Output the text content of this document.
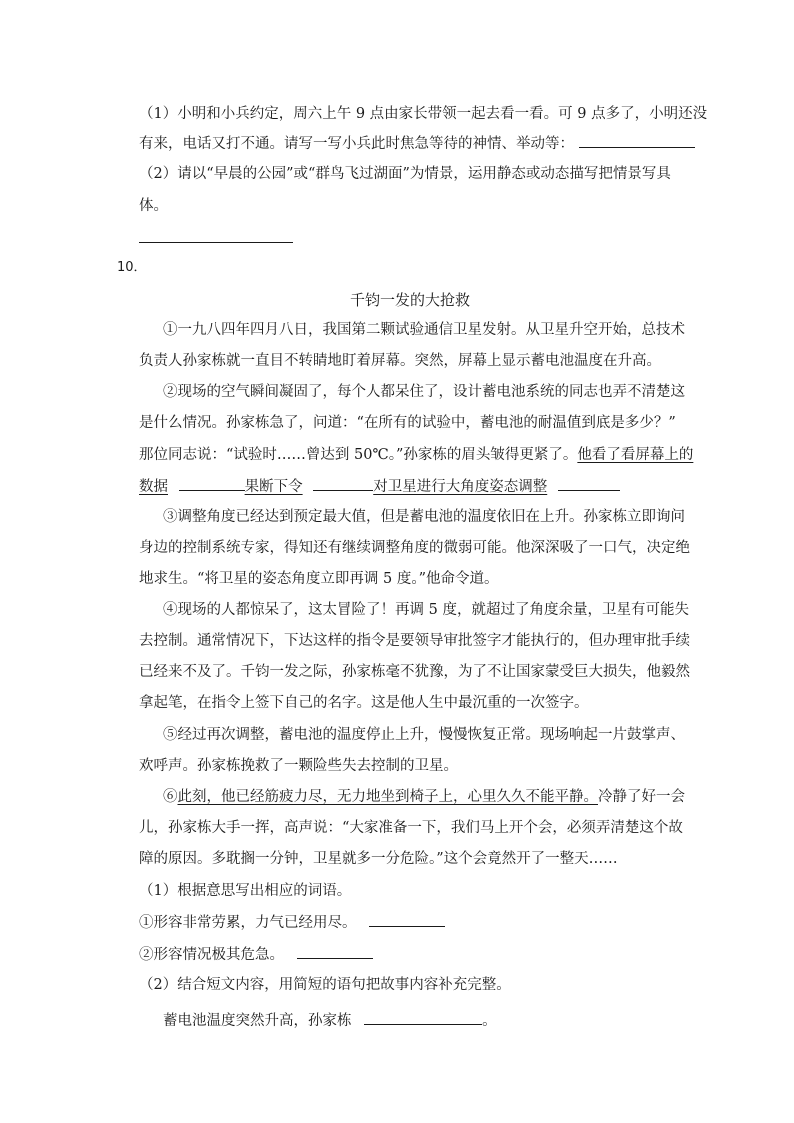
（1）小明和小兵约定，周六上午 9 点由家长带领一起去看一看。可 9 点多了，小明还没
有来，电话又打不通。请写一写小兵此时焦急等待的神情、举动等：
（2）请以“早晨的公园”或“群鸟飞过湖面”为情景，运用静态或动态描写把情景写具
体。
10．
千钧一发的大抢救
①一九八四年四月八日，我国第二颗试验通信卫星发射。从卫星升空开始，总技术
负责人孙家栋就一直目不转睛地盯着屏幕。突然，屏幕上显示蓄电池温度在升高。
②现场的空气瞬间凝固了，每个人都呆住了，设计蓄电池系统的同志也弄不清楚这
是什么情况。孙家栋急了，问道：“在所有的试验中，蓄电池的耐温值到底是多少？”
那位同志说：“试验时……曾达到 50℃。”孙家栋的眉头皱得更紧了。他看了看屏幕上的
数据	果断下令	对卫星进行大角度姿态调整
③调整角度已经达到预定最大值，但是蓄电池的温度依旧在上升。孙家栋立即询问
身边的控制系统专家，得知还有继续调整角度的微弱可能。他深深吸了一口气，决定绝
地求生。“将卫星的姿态角度立即再调 5 度。”他命令道。
④现场的人都惊呆了，这太冒险了！再调 5 度，就超过了角度余量，卫星有可能失
去控制。通常情况下，下达这样的指令是要领导审批签字才能执行的，但办理审批手续
已经来不及了。千钧一发之际，孙家栋毫不犹豫，为了不让国家蒙受巨大损失，他毅然
拿起笔，在指令上签下自己的名字。这是他人生中最沉重的一次签字。
⑤经过再次调整，蓄电池的温度停止上升，慢慢恢复正常。现场响起一片鼓掌声、
欢呼声。孙家栋挽救了一颗险些失去控制的卫星。
⑥此刻，他已经筋疲力尽，无力地坐到椅子上，心里久久不能平静。冷静了好一会
儿，孙家栋大手一挥，高声说：“大家准备一下，我们马上开个会，必须弄清楚这个故
障的原因。多耽搁一分钟，卫星就多一分危险。”这个会竟然开了一整天……
（1）根据意思写出相应的词语。
①形容非常劳累，力气已经用尽。
②形容情况极其危急。
（2）结合短文内容，用简短的语句把故事内容补充完整。
蓄电池温度突然升高，孙家栋	。
